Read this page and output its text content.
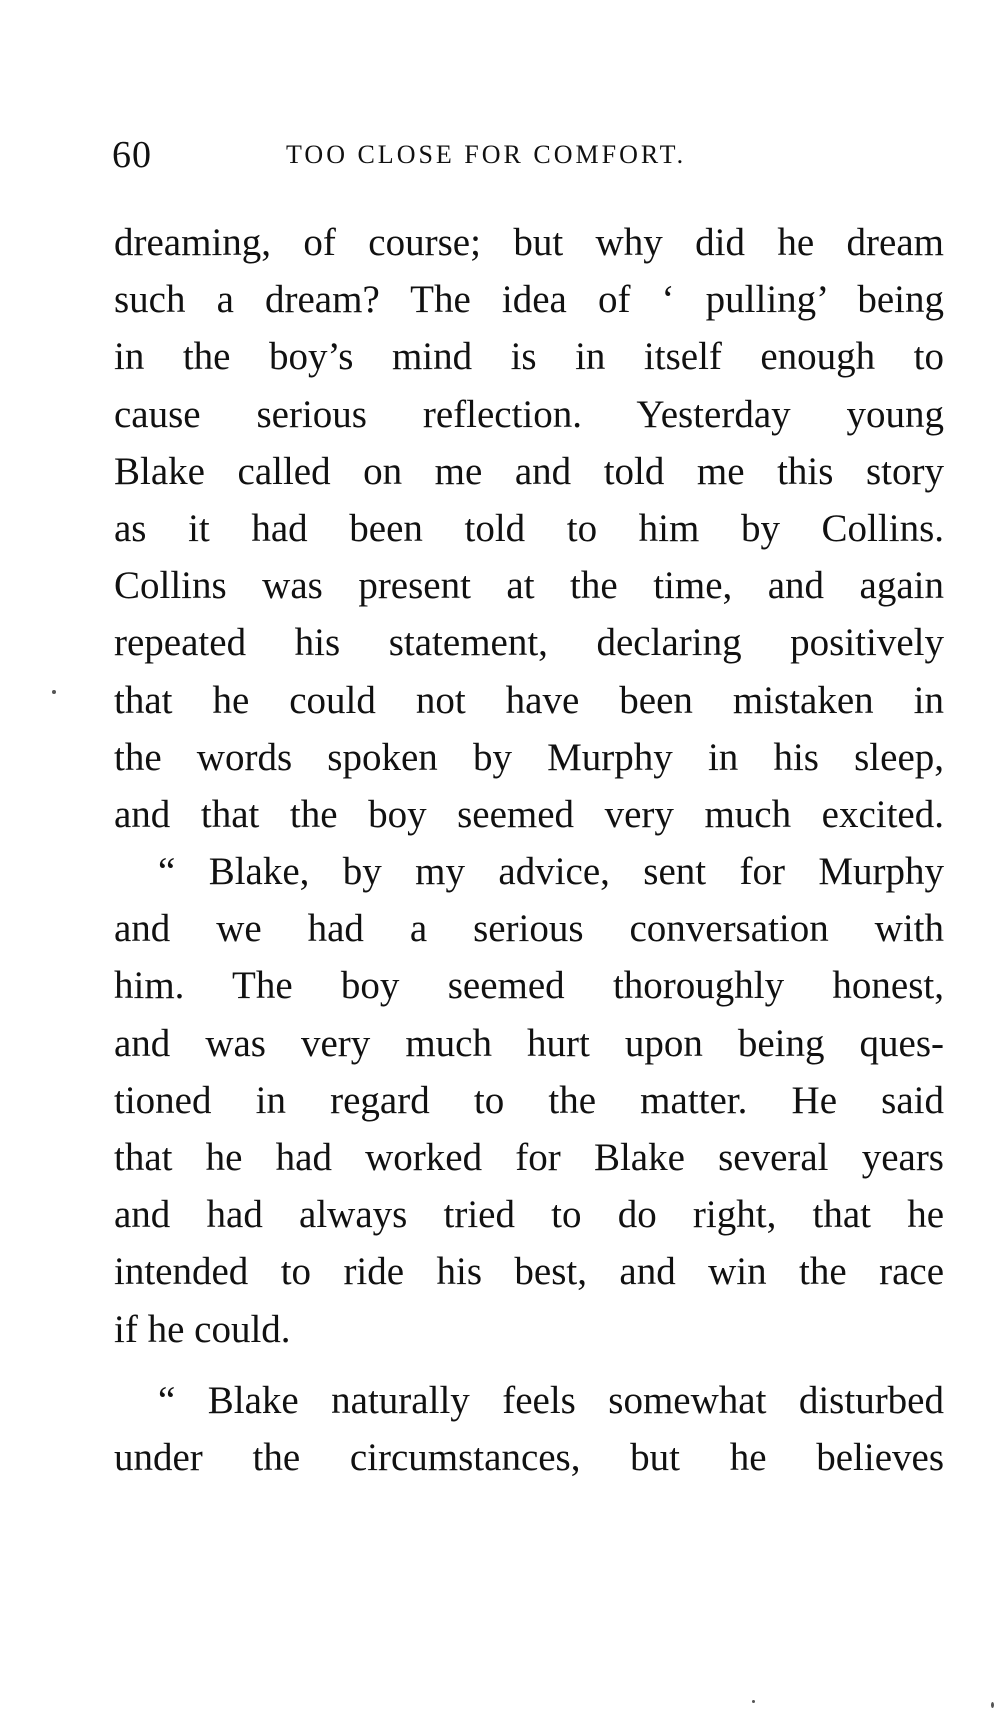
60	TOO CLOSE FOR COMFORT.
dreaming, of course; but why did he dream
such a dream? The idea of ‘ pulling’ being
in the boy’s mind is in itself enough to
cause serious reflection. Yesterday young
Blake called on me and told me this story
as it had been told to him by Collins.
Collins was present at the time, and again
repeated his statement, declaring positively
that he could not have been mistaken in
the words spoken by Murphy in his sleep,
and that the boy seemed very much excited.
“ Blake, by my advice, sent for Murphy
and we had a serious conversation with
him. The boy seemed thoroughly honest,
and was very much hurt upon being ques-
tioned in regard to the matter. He said
that he had worked for Blake several years
and had always tried to do right, that he
intended to ride his best, and win the race
if he could.
“ Blake naturally feels somewhat disturbed
under the circumstances, but he believes
